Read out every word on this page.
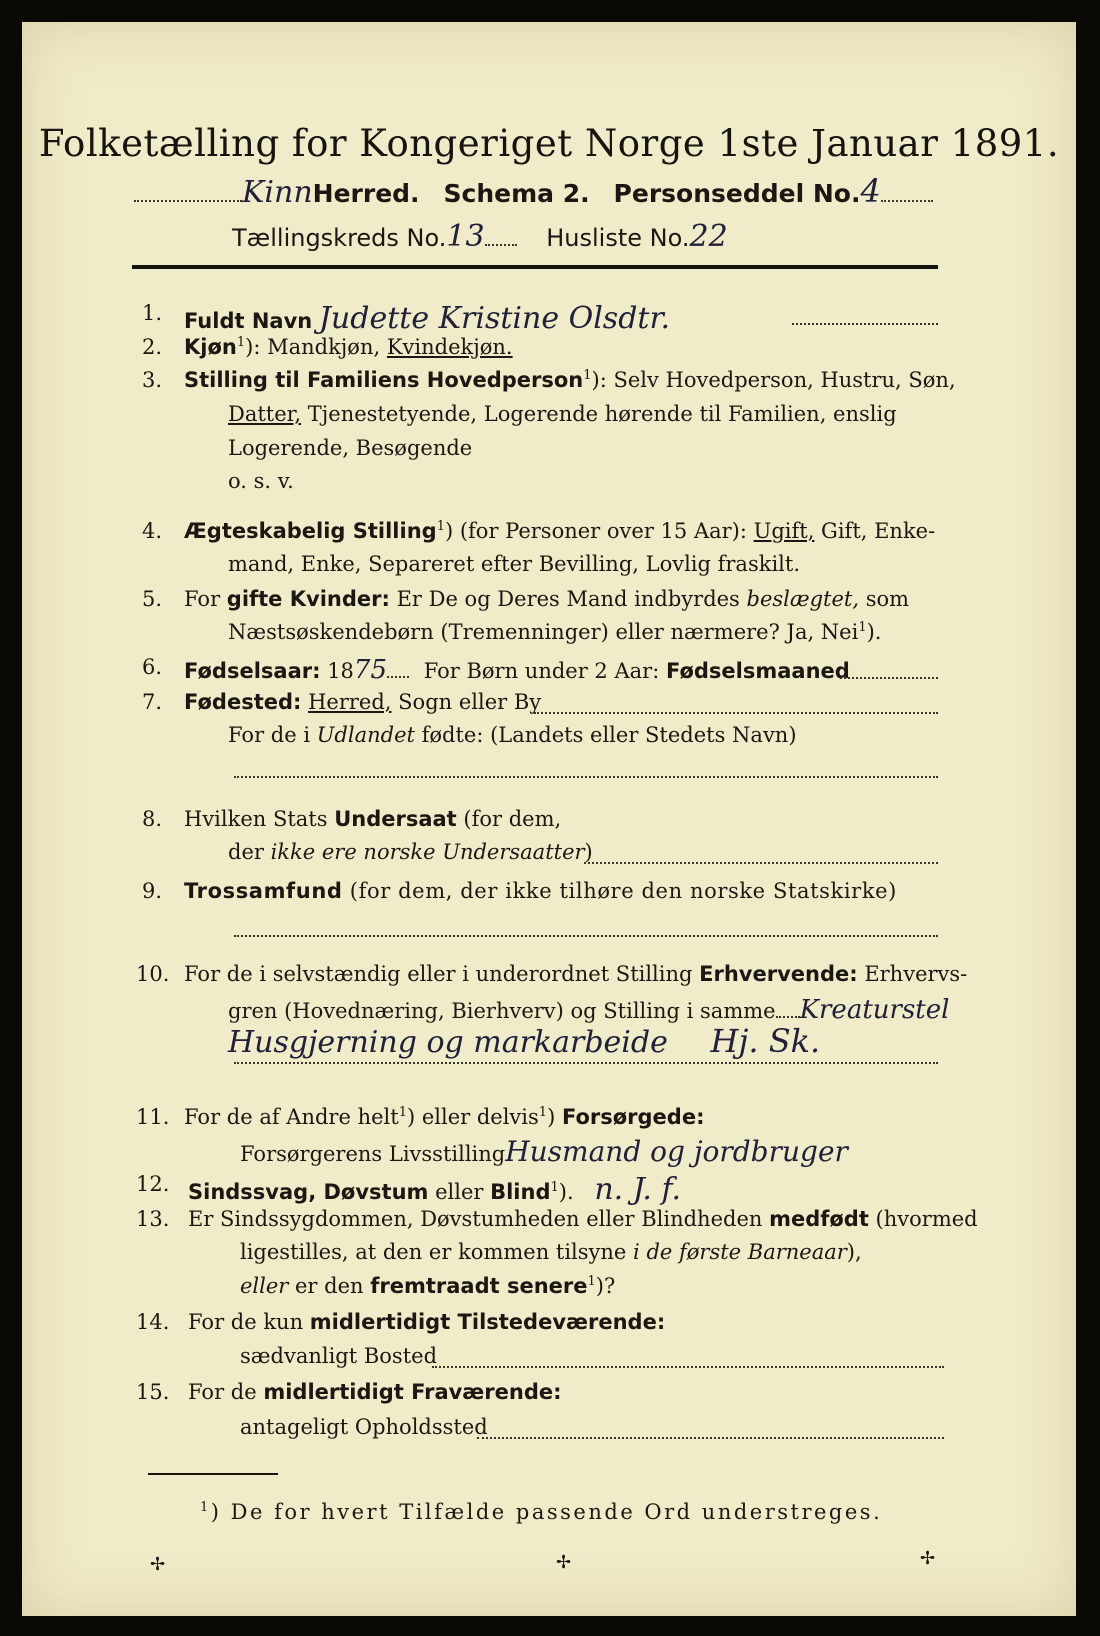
Folketælling for Kongeriget Norge 1ste Januar 1891.
KinnHerred. Schema 2. Personseddel No.4
Tællingskreds No.13	Husliste No.22
1. Fuldt Navn Judette Kristine Olsdtr.
2. Kjøn$^1$): Mandkjøn, Kvindekjøn.
3. Stilling til Familiens Hovedperson$^1$): Selv Hovedperson, Hustru, Søn,
Datter, Tjenestetyende, Logerende hørende til Familien, enslig
Logerende, Besøgende
o. s. v.
4. Ægteskabelig Stilling$^1$) (for Personer over 15 Aar): Ugift, Gift, Enke-
mand, Enke, Separeret efter Bevilling, Lovlig fraskilt.
5. For gifte Kvinder: Er De og Deres Mand indbyrdes beslægtet, som
Næstsøskendebørn (Tremenninger) eller nærmere? Ja, Nei$^1$).
6. Fødselsaar: 1875 For Børn under 2 Aar: Fødselsmaaned
7. Fødested: Herred, Sogn eller By
For de i Udlandet fødte: (Landets eller Stedets Navn)
8. Hvilken Stats Undersaat (for dem,
der ikke ere norske Undersaatter)
9. Trossamfund (for dem, der ikke tilhøre den norske Statskirke)
10. For de i selvstændig eller i underordnet Stilling Erhvervende: Erhvervs-
gren (Hovednæring, Bierhverv) og Stilling i samme Kreaturstel
Husgjerning og markarbeide Hj. Sk.
11. For de af Andre helt$^1$) eller delvis$^1$) Forsørgede:
Forsørgerens LivsstillingHusmand og jordbruger
12. Sindssvag, Døvstum eller Blind$^1$). n. J. f.
13. Er Sindssygdommen, Døvstumheden eller Blindheden medfødt (hvormed
ligestilles, at den er kommen tilsyne i de første Barneaar),
eller er den fremtraadt senere$^1$)?
14. For de kun midlertidigt Tilstedeværende:
sædvanligt Bosted
15. For de midlertidigt Fraværende:
antageligt Opholdssted
$^1$) De for hvert Tilfælde passende Ord understreges.
✢	✢	✢
